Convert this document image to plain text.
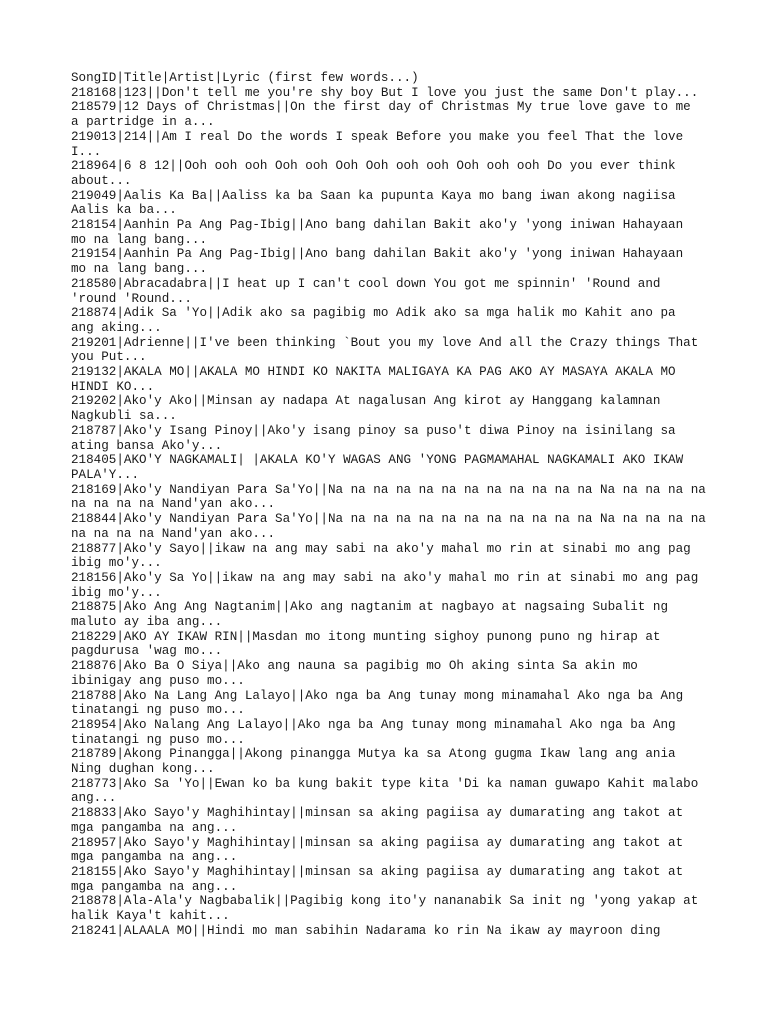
SongID|Title|Artist|Lyric (first few words...)
218168|123||Don't tell me you're shy boy But I love you just the same Don't play...
218579|12 Days of Christmas||On the first day of Christmas My true love gave to me
a partridge in a...
219013|214||Am I real Do the words I speak Before you make you feel That the love
I...
218964|6 8 12||Ooh ooh ooh Ooh ooh Ooh Ooh ooh ooh Ooh ooh ooh Do you ever think
about...
219049|Aalis Ka Ba||Aaliss ka ba Saan ka pupunta Kaya mo bang iwan akong nagiisa
Aalis ka ba...
218154|Aanhin Pa Ang Pag-Ibig||Ano bang dahilan Bakit ako'y 'yong iniwan Hahayaan
mo na lang bang...
219154|Aanhin Pa Ang Pag-Ibig||Ano bang dahilan Bakit ako'y 'yong iniwan Hahayaan
mo na lang bang...
218580|Abracadabra||I heat up I can't cool down You got me spinnin' 'Round and
'round 'Round...
218874|Adik Sa 'Yo||Adik ako sa pagibig mo Adik ako sa mga halik mo Kahit ano pa
ang aking...
219201|Adrienne||I've been thinking `Bout you my love And all the Crazy things That
you Put...
219132|AKALA MO||AKALA MO HINDI KO NAKITA MALIGAYA KA PAG AKO AY MASAYA AKALA MO
HINDI KO...
219202|Ako'y Ako||Minsan ay nadapa At nagalusan Ang kirot ay Hanggang kalamnan
Nagkubli sa...
218787|Ako'y Isang Pinoy||Ako'y isang pinoy sa puso't diwa Pinoy na isinilang sa
ating bansa Ako'y...
218405|AKO'Y NAGKAMALI| |AKALA KO'Y WAGAS ANG 'YONG PAGMAMAHAL NAGKAMALI AKO IKAW
PALA'Y...
218169|Ako'y Nandiyan Para Sa'Yo||Na na na na na na na na na na na na Na na na na na
na na na na Nand'yan ako...
218844|Ako'y Nandiyan Para Sa'Yo||Na na na na na na na na na na na na Na na na na na
na na na na Nand'yan ako...
218877|Ako'y Sayo||ikaw na ang may sabi na ako'y mahal mo rin at sinabi mo ang pag
ibig mo'y...
218156|Ako'y Sa Yo||ikaw na ang may sabi na ako'y mahal mo rin at sinabi mo ang pag
ibig mo'y...
218875|Ako Ang Ang Nagtanim||Ako ang nagtanim at nagbayo at nagsaing Subalit ng
maluto ay iba ang...
218229|AKO AY IKAW RIN||Masdan mo itong munting sighoy punong puno ng hirap at
pagdurusa 'wag mo...
218876|Ako Ba O Siya||Ako ang nauna sa pagibig mo Oh aking sinta Sa akin mo
ibinigay ang puso mo...
218788|Ako Na Lang Ang Lalayo||Ako nga ba Ang tunay mong minamahal Ako nga ba Ang
tinatangi ng puso mo...
218954|Ako Nalang Ang Lalayo||Ako nga ba Ang tunay mong minamahal Ako nga ba Ang
tinatangi ng puso mo...
218789|Akong Pinangga||Akong pinangga Mutya ka sa Atong gugma Ikaw lang ang ania
Ning dughan kong...
218773|Ako Sa 'Yo||Ewan ko ba kung bakit type kita 'Di ka naman guwapo Kahit malabo
ang...
218833|Ako Sayo'y Maghihintay||minsan sa aking pagiisa ay dumarating ang takot at
mga pangamba na ang...
218957|Ako Sayo'y Maghihintay||minsan sa aking pagiisa ay dumarating ang takot at
mga pangamba na ang...
218155|Ako Sayo'y Maghihintay||minsan sa aking pagiisa ay dumarating ang takot at
mga pangamba na ang...
218878|Ala-Ala'y Nagbabalik||Pagibig kong ito'y nananabik Sa init ng 'yong yakap at
halik Kaya't kahit...
218241|ALAALA MO||Hindi mo man sabihin Nadarama ko rin Na ikaw ay mayroon ding
